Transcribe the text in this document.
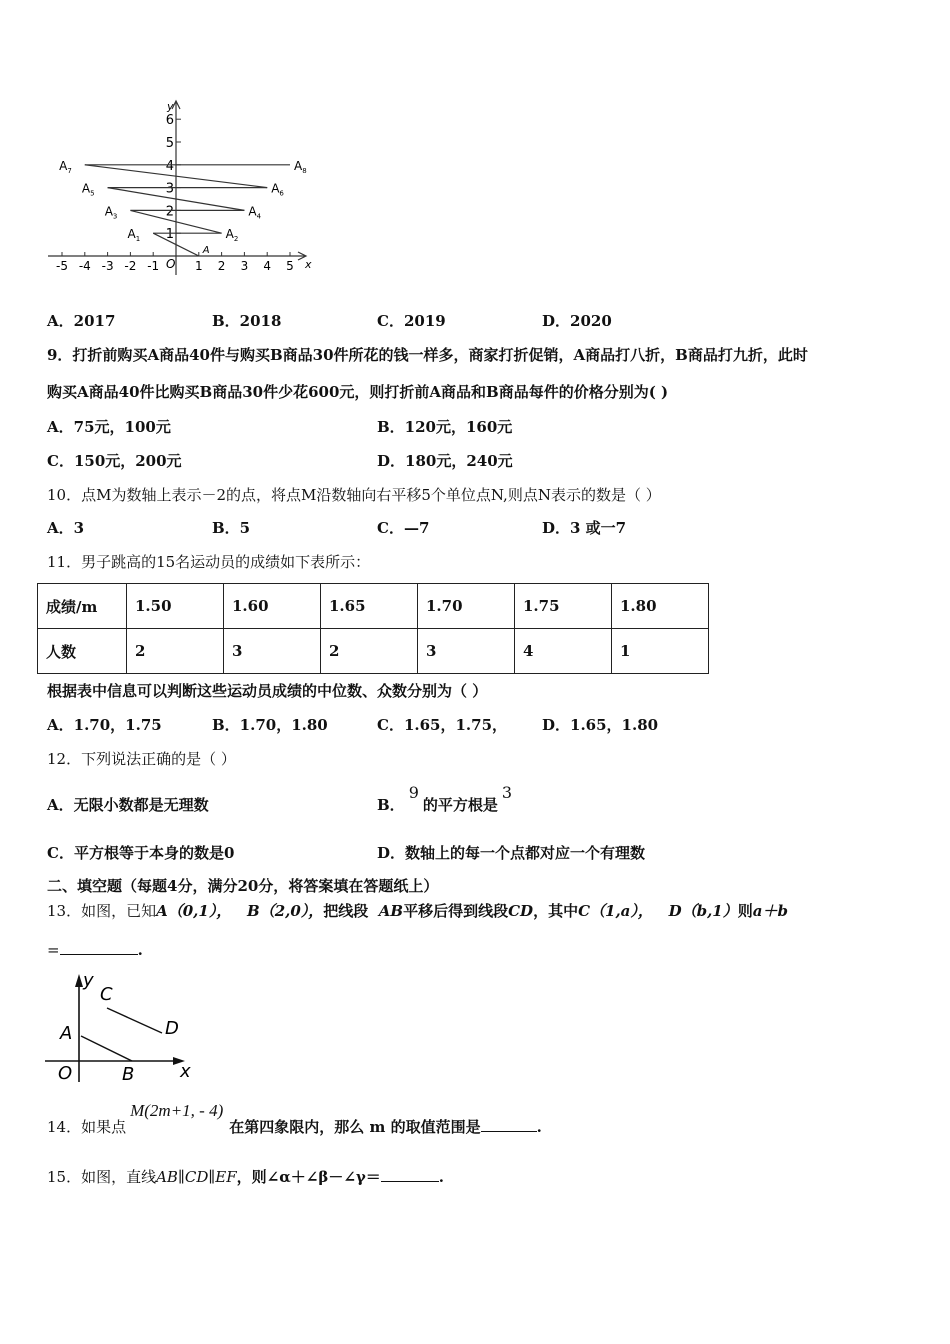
y
x
O
-5 -4 -3 -2 -1	1 2 3 4 5
1
2
3
4
5
6
A
$A_1$	$A_2$
$A_3$	$A_4$
$A_5$	$A_6$
$A_7$	$A_8$
A．2017	B．2018	C．2019	D．2020
9．打折前购买A商品40件与购买B商品30件所花的钱一样多，商家打折促销，A商品打八折，B商品打九折，此时
购买A商品40件比购买B商品30件少花600元，则打折前A商品和B商品每件的价格分别为( )
A．75元，100元	B．120元，160元
C．150元，200元	D．180元，240元
10．点M为数轴上表示－2的点，将点M沿数轴向右平移5个单位点N,则点N表示的数是（ ）
A．3	B．5	C．—7	D．3 或一7
11．男子跳高的15名运动员的成绩如下表所示：
成绩/m	1.50	1.60	1.65	1.70	1.75	1.80
人数	2	3	2	3	4	1
根据表中信息可以判断这些运动员成绩的中位数、众数分别为（ ）
A．1.70，1.75	B．1.70，1.80	C．1.65，1.75， D．1.65，1.80
12．下列说法正确的是（ ）
A．无限小数都是无理数	B．9的平方根是3
C．平方根等于本身的数是0	D．数轴上的每一个点都对应一个有理数
二、填空题（每题4分，满分20分，将答案填在答题纸上）
13．如图，已知A（0,1）， B（2,0），把线段 AB平移后得到线段CD，其中C（1,a）， D（b,1）则a＋b
=	.
y
C
D
A
O	B	x
14．如果点M(2m+1, - 4)在第四象限内，那么 m 的取值范围是	.
15．如图，直线AB∥CD∥EF，则∠α＋∠β－∠γ＝	.
